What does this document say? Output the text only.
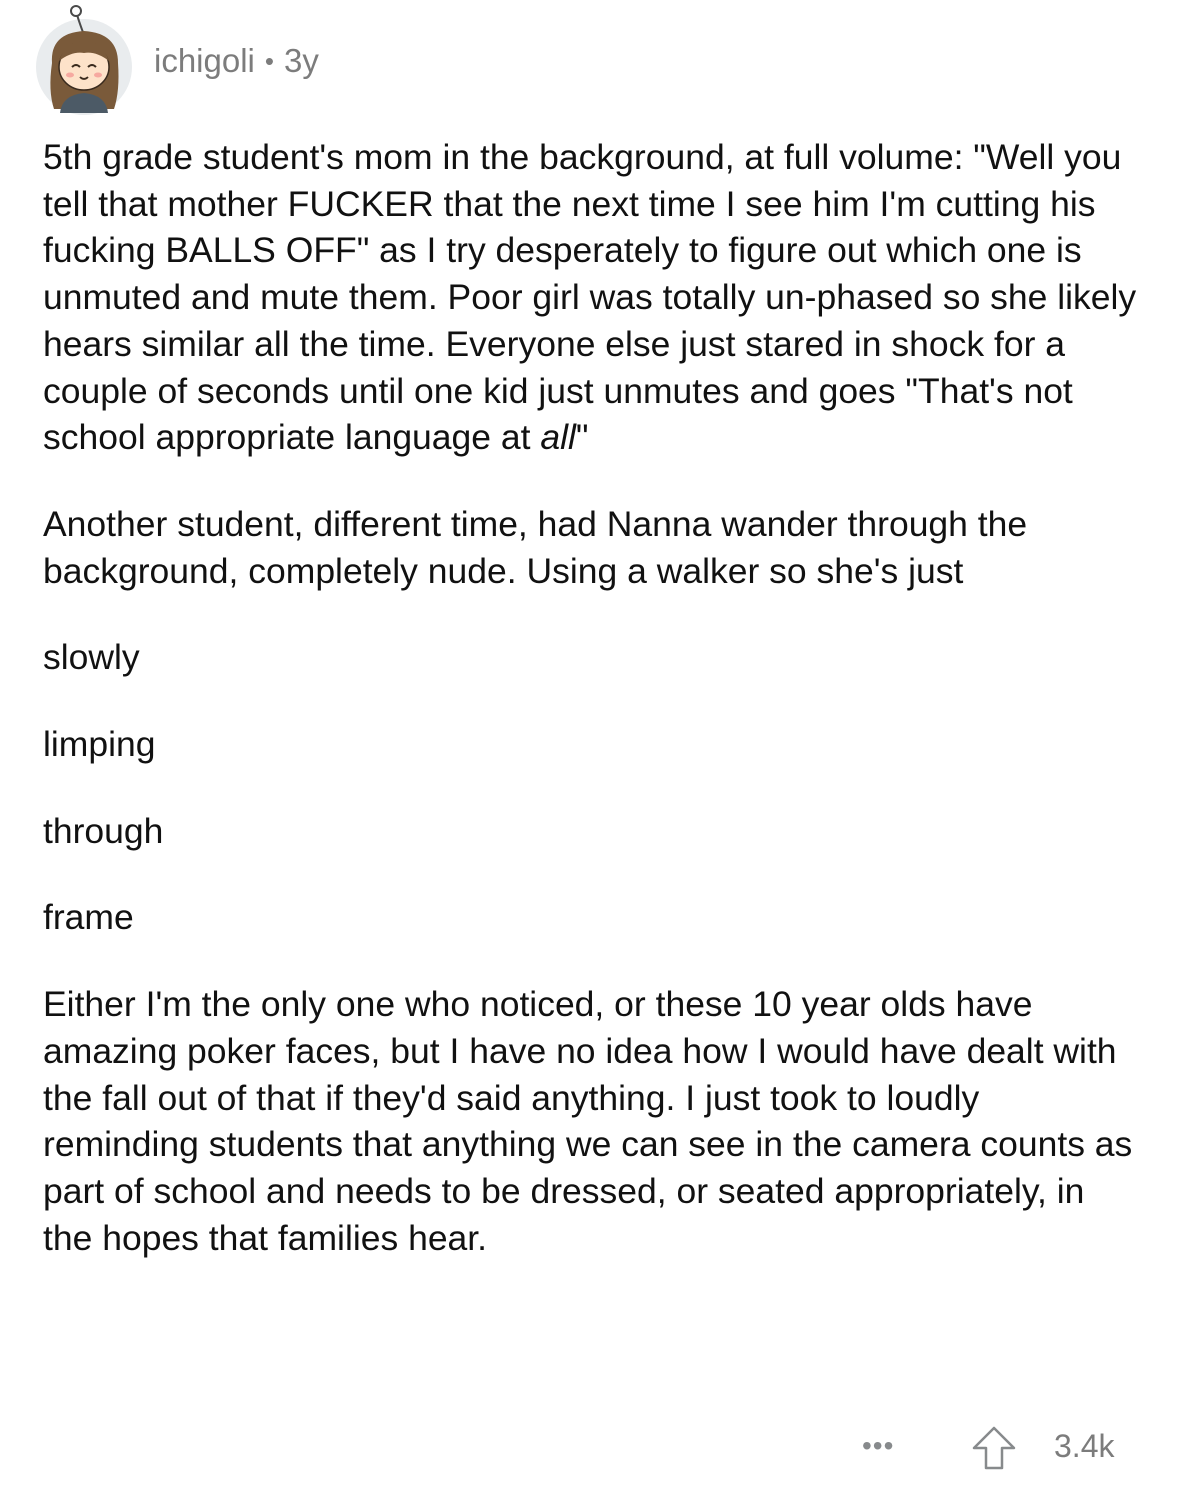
ichigoli • 3y

5th grade student's mom in the background, at full volume: "Well you tell that mother FUCKER that the next time I see him I'm cutting his fucking BALLS OFF" as I try desperately to figure out which one is unmuted and mute them. Poor girl was totally un-phased so she likely hears similar all the time. Everyone else just stared in shock for a couple of seconds until one kid just unmutes and goes "That's not school appropriate language at all"

Another student, different time, had Nanna wander through the background, completely nude. Using a walker so she's just

slowly

limping

through

frame

Either I'm the only one who noticed, or these 10 year olds have amazing poker faces, but I have no idea how I would have dealt with the fall out of that if they'd said anything. I just took to loudly reminding students that anything we can see in the camera counts as part of school and needs to be dressed, or seated appropriately, in the hopes that families hear.

•••	3.4k
